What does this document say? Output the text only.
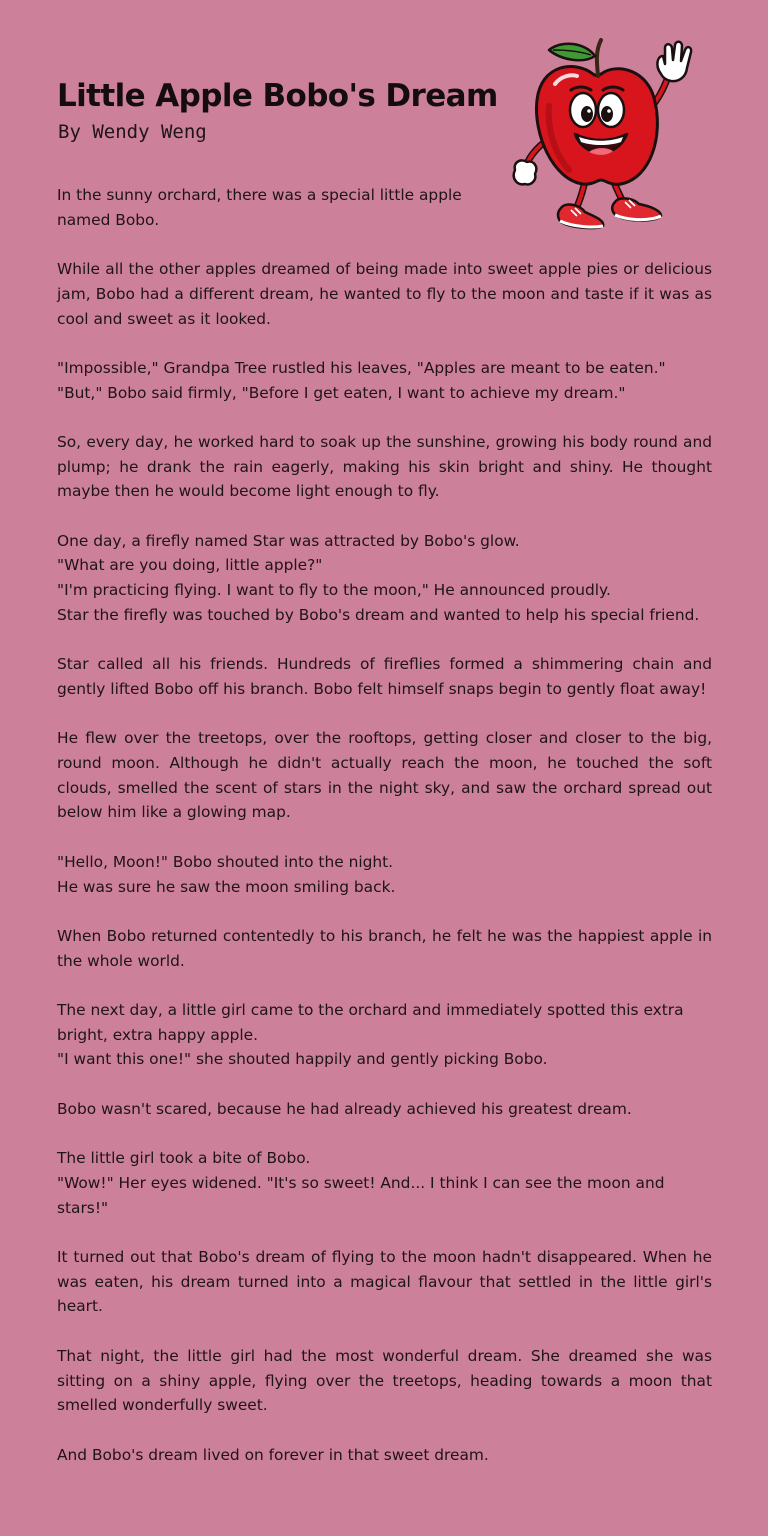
Little Apple Bobo's Dream
By Wendy Weng

In the sunny orchard, there was a special little apple named Bobo.

While all the other apples dreamed of being made into sweet apple pies or delicious jam, Bobo had a different dream, he wanted to fly to the moon and taste if it was as cool and sweet as it looked.

"Impossible," Grandpa Tree rustled his leaves, "Apples are meant to be eaten."
"But," Bobo said firmly, "Before I get eaten, I want to achieve my dream."

So, every day, he worked hard to soak up the sunshine, growing his body round and plump; he drank the rain eagerly, making his skin bright and shiny. He thought maybe then he would become light enough to fly.

One day, a firefly named Star was attracted by Bobo's glow.
"What are you doing, little apple?"
"I'm practicing flying. I want to fly to the moon," He announced proudly.
Star the firefly was touched by Bobo's dream and wanted to help his special friend.

Star called all his friends. Hundreds of fireflies formed a shimmering chain and gently lifted Bobo off his branch. Bobo felt himself snaps begin to gently float away!

He flew over the treetops, over the rooftops, getting closer and closer to the big, round moon. Although he didn't actually reach the moon, he touched the soft clouds, smelled the scent of stars in the night sky, and saw the orchard spread out below him like a glowing map.

"Hello, Moon!" Bobo shouted into the night.
He was sure he saw the moon smiling back.

When Bobo returned contentedly to his branch, he felt he was the happiest apple in the whole world.

The next day, a little girl came to the orchard and immediately spotted this extra bright, extra happy apple.
"I want this one!" she shouted happily and gently picking Bobo.

Bobo wasn't scared, because he had already achieved his greatest dream.

The little girl took a bite of Bobo.
"Wow!" Her eyes widened. "It's so sweet! And... I think I can see the moon and stars!"

It turned out that Bobo's dream of flying to the moon hadn't disappeared. When he was eaten, his dream turned into a magical flavour that settled in the little girl's heart.

That night, the little girl had the most wonderful dream. She dreamed she was sitting on a shiny apple, flying over the treetops, heading towards a moon that smelled wonderfully sweet.

And Bobo's dream lived on forever in that sweet dream.
